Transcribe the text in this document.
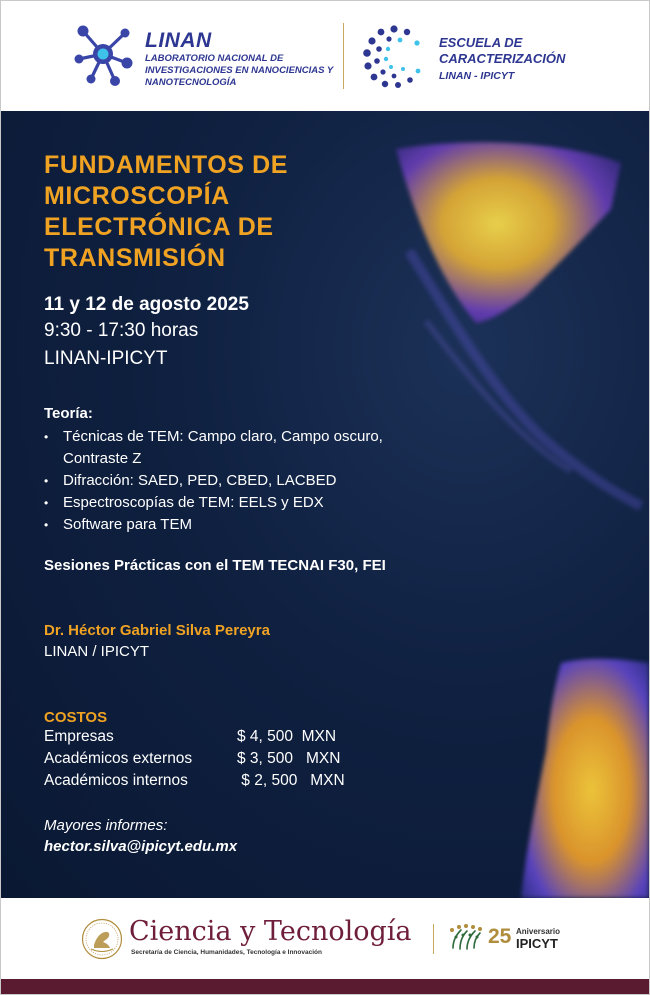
LINAN
LABORATORIO NACIONAL DE INVESTIGACIONES EN NANOCIENCIAS Y NANOTECNOLOGÍA
ESCUELA DE CARACTERIZACIÓN
LINAN - IPICYT
FUNDAMENTOS DE MICROSCOPÍA ELECTRÓNICA DE TRANSMISIÓN
11 y 12 de agosto 2025
9:30 - 17:30 horas
LINAN-IPICYT
Teoría:
• Técnicas de TEM: Campo claro, Campo oscuro, Contraste Z
• Difracción: SAED, PED, CBED, LACBED
• Espectroscopías de TEM: EELS y EDX
• Software para TEM
Sesiones Prácticas con el TEM TECNAI F30, FEI
Dr. Héctor Gabriel Silva Pereyra
LINAN / IPICYT
COSTOS
Empresas	$ 4, 500  MXN
Académicos externos	$ 3, 500   MXN
Académicos internos	$ 2, 500   MXN
Mayores informes:
hector.silva@ipicyt.edu.mx
Ciencia y Tecnología
Secretaría de Ciencia, Humanidades, Tecnología e Innovación
25 Aniversario
IPICYT
